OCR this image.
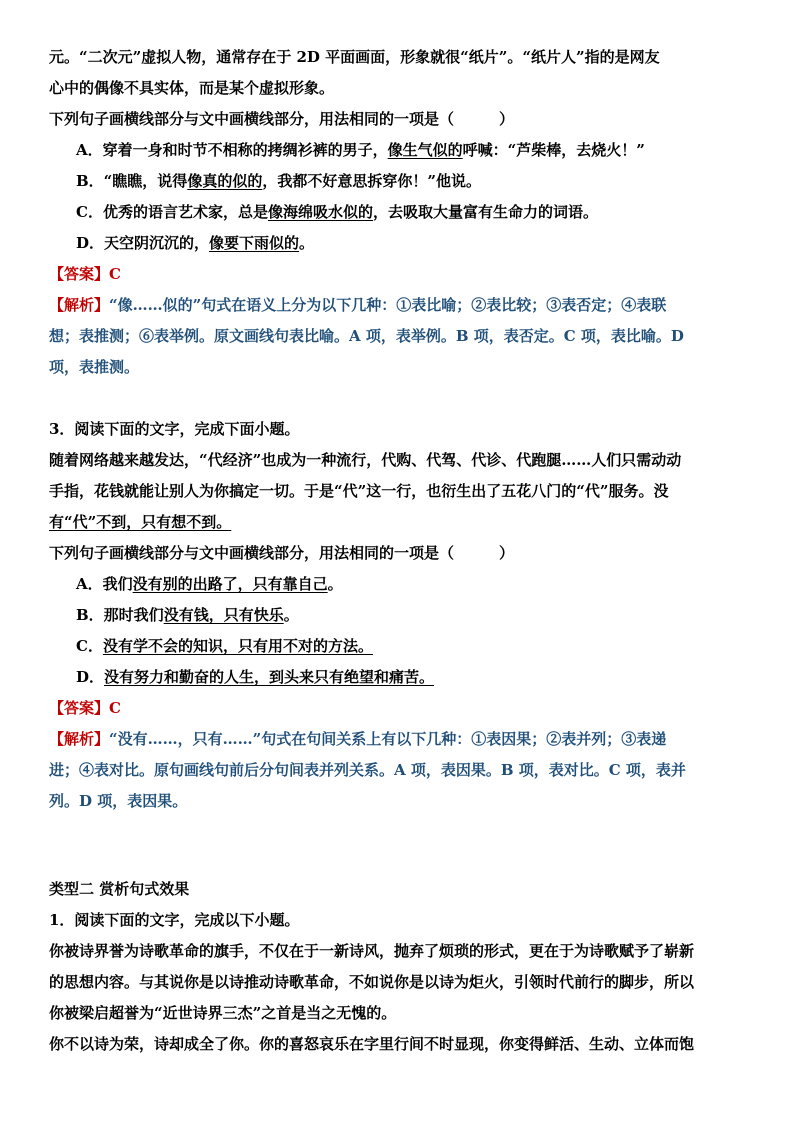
元。“二次元”虚拟人物，通常存在于 2D 平面画面，形象就很“纸片”。“纸片人”指的是网友
心中的偶像不具实体，而是某个虚拟形象。
下列句子画横线部分与文中画横线部分，用法相同的一项是（　　　）
A．穿着一身和时节不相称的拷绸衫裤的男子，像生气似的呼喊：“芦柴棒，去烧火！”
B．“瞧瞧，说得像真的似的，我都不好意思拆穿你！”他说。
C．优秀的语言艺术家，总是像海绵吸水似的，去吸取大量富有生命力的词语。
D．天空阴沉沉的，像要下雨似的。
【答案】C
【解析】“像……似的”句式在语义上分为以下几种：①表比喻；②表比较；③表否定；④表联
想；表推测；⑥表举例。原文画线句表比喻。A 项，表举例。B 项，表否定。C 项，表比喻。D
项，表推测。
3．阅读下面的文字，完成下面小题。
随着网络越来越发达，“代经济”也成为一种流行，代购、代驾、代诊、代跑腿……人们只需动动
手指，花钱就能让别人为你搞定一切。于是“代”这一行，也衍生出了五花八门的“代”服务。没
有“代”不到，只有想不到。
下列句子画横线部分与文中画横线部分，用法相同的一项是（　　　）
A．我们没有别的出路了，只有靠自己。
B．那时我们没有钱，只有快乐。
C．没有学不会的知识，只有用不对的方法。
D．没有努力和勤奋的人生，到头来只有绝望和痛苦。
【答案】C
【解析】“没有……，只有……”句式在句间关系上有以下几种：①表因果；②表并列；③表递
进；④表对比。原句画线句前后分句间表并列关系。A 项，表因果。B 项，表对比。C 项，表并
列。D 项，表因果。
类型二 赏析句式效果
1．阅读下面的文字，完成以下小题。
你被诗界誉为诗歌革命的旗手，不仅在于一新诗风，抛弃了烦琐的形式，更在于为诗歌赋予了崭新
的思想内容。与其说你是以诗推动诗歌革命，不如说你是以诗为炬火，引领时代前行的脚步，所以
你被梁启超誉为“近世诗界三杰”之首是当之无愧的。
你不以诗为荣，诗却成全了你。你的喜怒哀乐在字里行间不时显现，你变得鲜活、生动、立体而饱
